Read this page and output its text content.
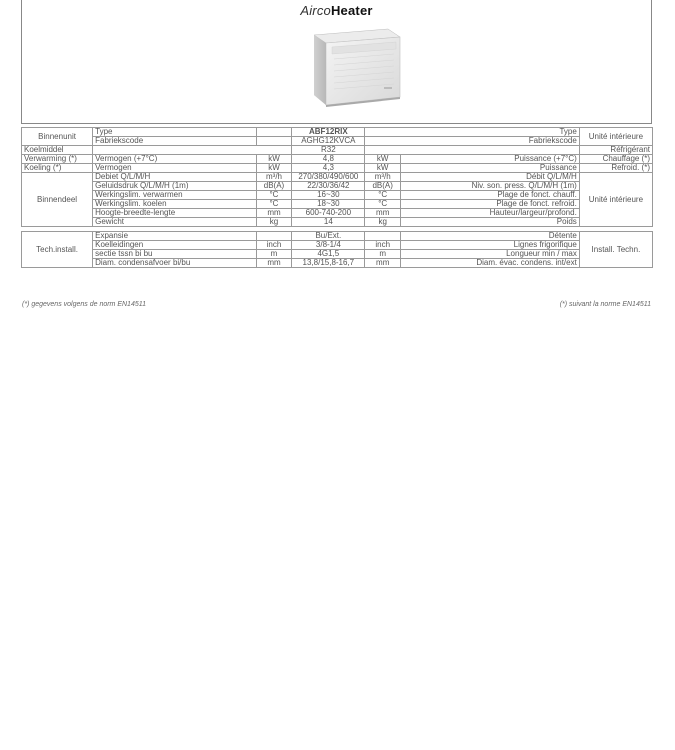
AircoHeater
Binnenunit	Type		ABF12RIX	Type		Unité intérieure
	Fabriekscode		AGHG12KVCA	Fabriekscode		
Koelmiddel			R32			Réfrigérant
Verwarming (*)	Vermogen (+7°C)	kW	4,8	kW	Puissance (+7°C)	Chauffage (*)
Koeling (*)	Vermogen	kW	4,3	kW	Puissance	Refroid. (*)
Binnendeel	Debiet Q/L/M/H	m³/h	270/380/490/600	m³/h	Débit Q/L/M/H	Unité intérieure
	Geluidsdruk Q/L/M/H (1m)	dB(A)	22/30/36/42	dB(A)	Niv. son. press. Q/L/M/H (1m)	
	Werkingslim. verwarmen	°C	16~30	°C	Plage de fonct. chauff.	
	Werkingslim. koelen	°C	18~30	°C	Plage de fonct. refroid.	
	Hoogte-breedte-lengte	mm	600-740-200	mm	Hauteur/largeur/profond.	
	Gewicht	kg	14	kg	Poids	

Tech.install.	Expansie		Bu/Ext.		Détente	Install. Techn.
	Koelleidingen	inch	3/8-1/4	inch	Lignes frigorifique	
	sectie tssn bi bu	m	4G1,5	m	Longueur min / max	
	Diam. condensafvoer bi/bu	mm	13,8/15,8-16,7	mm	Diam. évac. condens. int/ext	
(*) gegevens volgens de norm EN14511	(*) suivant la norme EN14511
